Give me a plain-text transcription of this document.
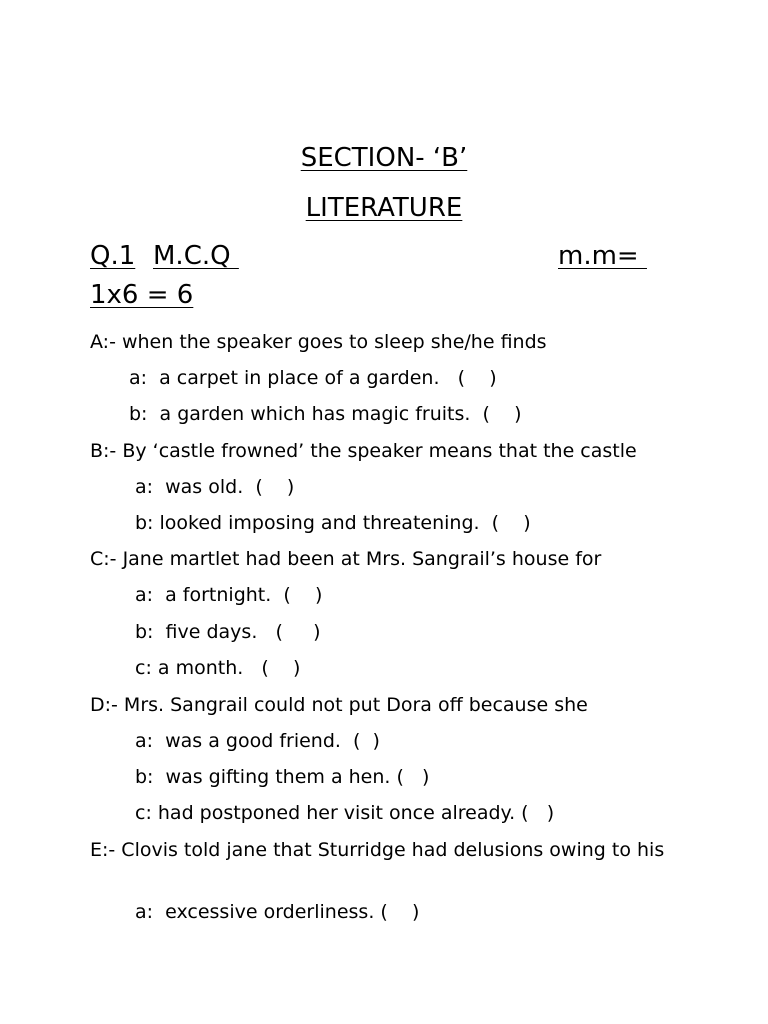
SECTION- ‘B’
LITERATURE
Q.1 M.C.Q	m.m=
1x6 = 6
A:- when the speaker goes to sleep she/he finds
a:  a carpet in place of a garden.   (    )
b:  a garden which has magic fruits.  (    )
B:- By ‘castle frowned’ the speaker means that the castle
a:  was old.  (    )
b: looked imposing and threatening.  (    )
C:- Jane martlet had been at Mrs. Sangrail’s house for
a:  a fortnight.  (    )
b:  five days.   (     )
c: a month.   (    )
D:- Mrs. Sangrail could not put Dora off because she
a:  was a good friend.  (  )
b:  was gifting them a hen. (   )
c: had postponed her visit once already. (   )
E:- Clovis told jane that Sturridge had delusions owing to his
a:  excessive orderliness. (    )
